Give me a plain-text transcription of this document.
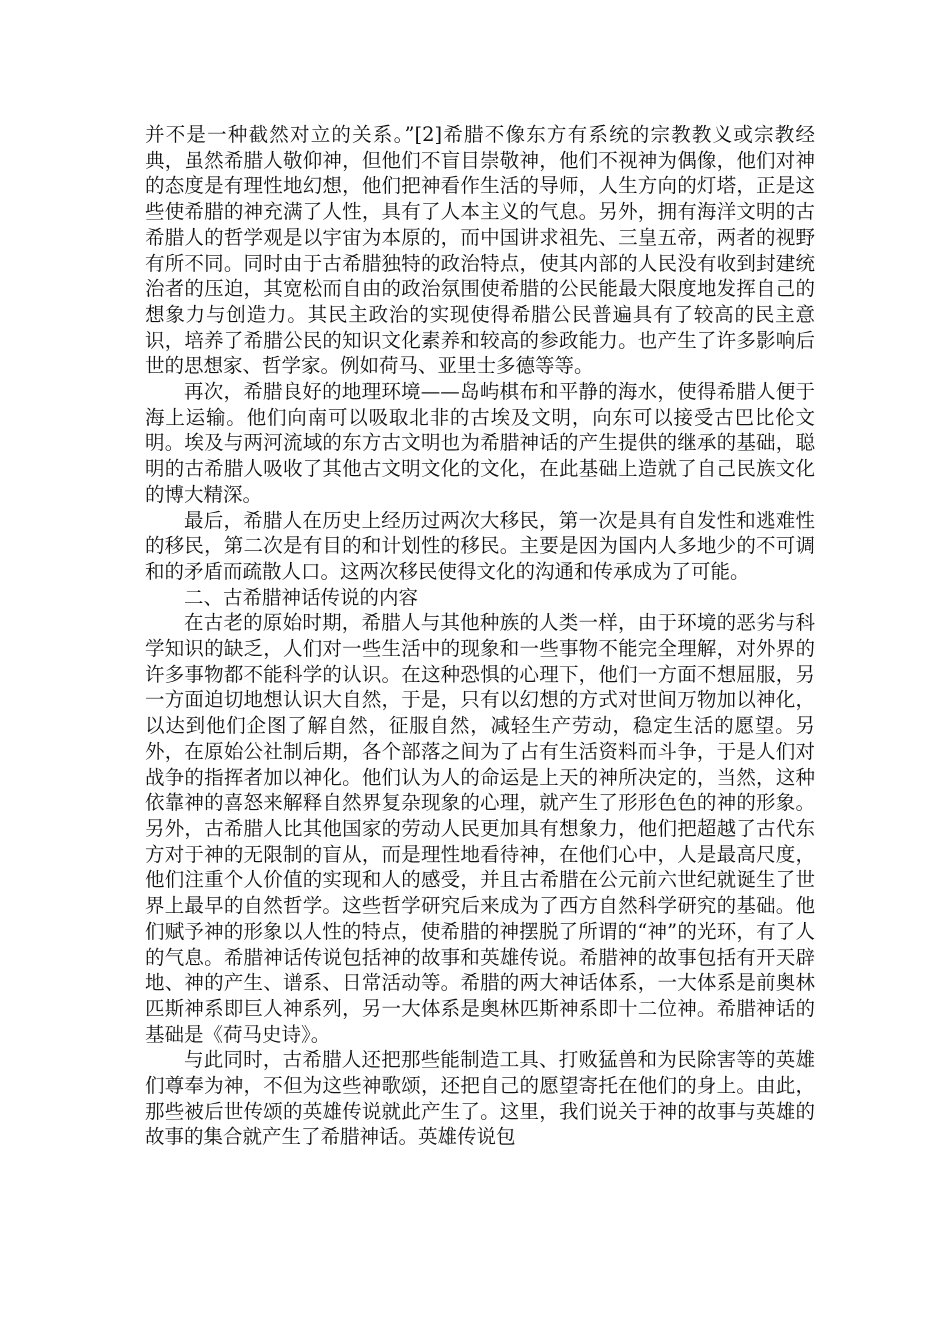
并不是一种截然对立的关系。”[2]希腊不像东方有系统的宗教教义或宗教经典，虽然希腊人敬仰神，但他们不盲目崇敬神，他们不视神为偶像，他们对神的态度是有理性地幻想，他们把神看作生活的导师，人生方向的灯塔，正是这些使希腊的神充满了人性，具有了人本主义的气息。另外，拥有海洋文明的古希腊人的哲学观是以宇宙为本原的，而中国讲求祖先、三皇五帝，两者的视野有所不同。同时由于古希腊独特的政治特点，使其内部的人民没有收到封建统治者的压迫，其宽松而自由的政治氛围使希腊的公民能最大限度地发挥自己的想象力与创造力。其民主政治的实现使得希腊公民普遍具有了较高的民主意识，培养了希腊公民的知识文化素养和较高的参政能力。也产生了许多影响后世的思想家、哲学家。例如荷马、亚里士多德等等。

再次，希腊良好的地理环境——岛屿棋布和平静的海水，使得希腊人便于海上运输。他们向南可以吸取北非的古埃及文明，向东可以接受古巴比伦文明。埃及与两河流域的东方古文明也为希腊神话的产生提供的继承的基础，聪明的古希腊人吸收了其他古文明文化的文化，在此基础上造就了自己民族文化的博大精深。

最后，希腊人在历史上经历过两次大移民，第一次是具有自发性和逃难性的移民，第二次是有目的和计划性的移民。主要是因为国内人多地少的不可调和的矛盾而疏散人口。这两次移民使得文化的沟通和传承成为了可能。

二、古希腊神话传说的内容

在古老的原始时期，希腊人与其他种族的人类一样，由于环境的恶劣与科学知识的缺乏，人们对一些生活中的现象和一些事物不能完全理解，对外界的许多事物都不能科学的认识。在这种恐惧的心理下，他们一方面不想屈服，另一方面迫切地想认识大自然，于是，只有以幻想的方式对世间万物加以神化，以达到他们企图了解自然，征服自然，减轻生产劳动，稳定生活的愿望。另外，在原始公社制后期，各个部落之间为了占有生活资料而斗争，于是人们对战争的指挥者加以神化。他们认为人的命运是上天的神所决定的，当然，这种依靠神的喜怒来解释自然界复杂现象的心理，就产生了形形色色的神的形象。另外，古希腊人比其他国家的劳动人民更加具有想象力，他们把超越了古代东方对于神的无限制的盲从，而是理性地看待神，在他们心中，人是最高尺度，他们注重个人价值的实现和人的感受，并且古希腊在公元前六世纪就诞生了世界上最早的自然哲学。这些哲学研究后来成为了西方自然科学研究的基础。他们赋予神的形象以人性的特点，使希腊的神摆脱了所谓的“神”的光环，有了人的气息。希腊神话传说包括神的故事和英雄传说。希腊神的故事包括有开天辟地、神的产生、谱系、日常活动等。希腊的两大神话体系，一大体系是前奥林匹斯神系即巨人神系列，另一大体系是奥林匹斯神系即十二位神。希腊神话的基础是《荷马史诗》。

与此同时，古希腊人还把那些能制造工具、打败猛兽和为民除害等的英雄们尊奉为神，不但为这些神歌颂，还把自己的愿望寄托在他们的身上。由此，那些被后世传颂的英雄传说就此产生了。这里，我们说关于神的故事与英雄的故事的集合就产生了希腊神话。英雄传说包
